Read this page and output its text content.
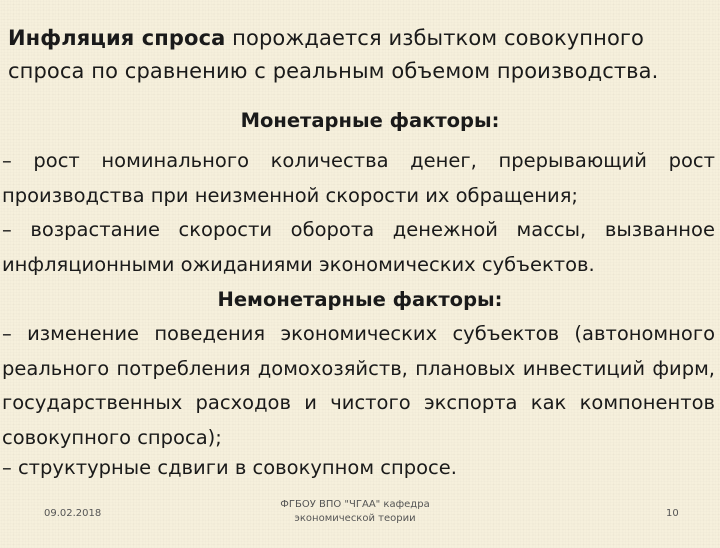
Инфляция спроса порождается избытком совокупного спроса по сравнению с реальным объемом производства.
Монетарные факторы:
– рост номинального количества денег, прерывающий рост производства при неизменной скорости их обращения;
– возрастание скорости оборота денежной массы, вызванное инфляционными ожиданиями экономических субъектов.
Немонетарные факторы:
– изменение поведения экономических субъектов (автономного реального потребления домохозяйств, плановых инвестиций фирм, государственных расходов и чистого экспорта как компонентов совокупного спроса);
– структурные сдвиги в совокупном спросе.
09.02.2018
ФГБОУ ВПО "ЧГАА" кафедра экономической теории	10
